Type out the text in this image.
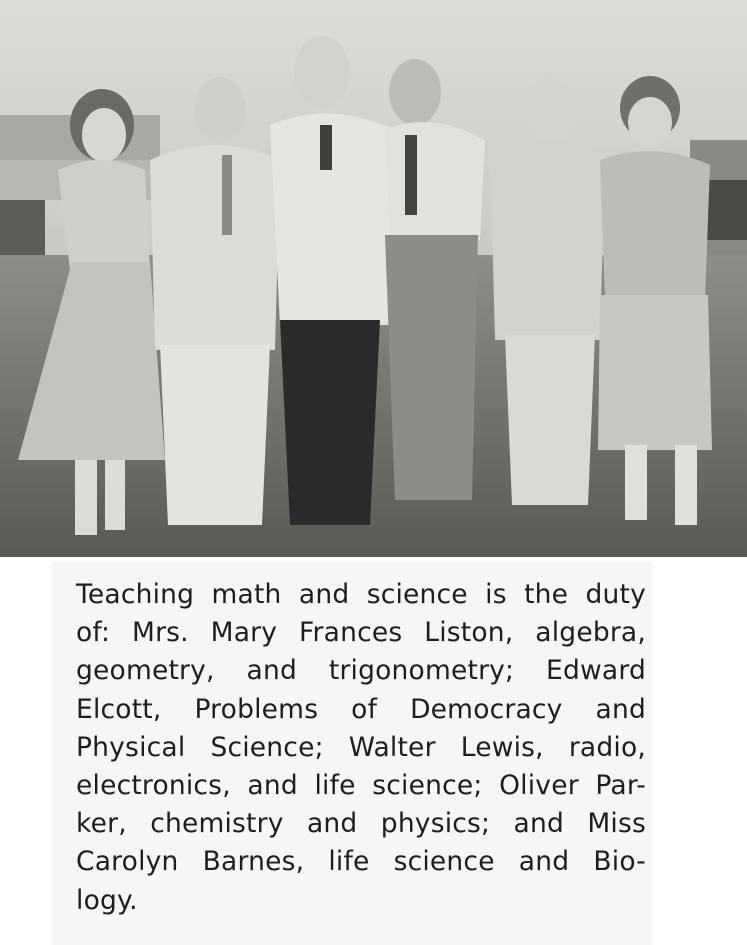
Teaching math and science is the duty
of: Mrs. Mary Frances Liston, algebra,
geometry, and trigonometry; Edward
Elcott, Problems of Democracy and
Physical Science; Walter Lewis, radio,
electronics, and life science; Oliver Par-
ker, chemistry and physics; and Miss
Carolyn Barnes, life science and Bio-
logy.
